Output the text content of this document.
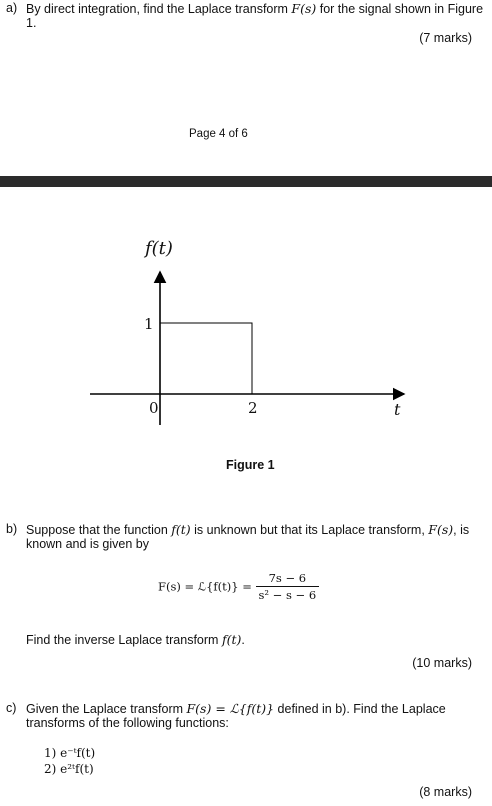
a) By direct integration, find the Laplace transform F(s) for the signal shown in Figure
1.
(7 marks)
Page 4 of 6
f(t)
1
0	2	t
Figure 1
b) Suppose that the function f(t) is unknown but that its Laplace transform, F(s), is
known and is given by
F(s) = ℒ{f(t)} = $\frac{7s - 6}{\text{s² − s − 6}}$
Find the inverse Laplace transform f(t).
(10 marks)
c) Given the Laplace transform F(s) = ℒ{f(t)} defined in b). Find the Laplace
transforms of the following functions:
1) e⁻ᵗf(t)
2) e²ᵗf(t)
(8 marks)
